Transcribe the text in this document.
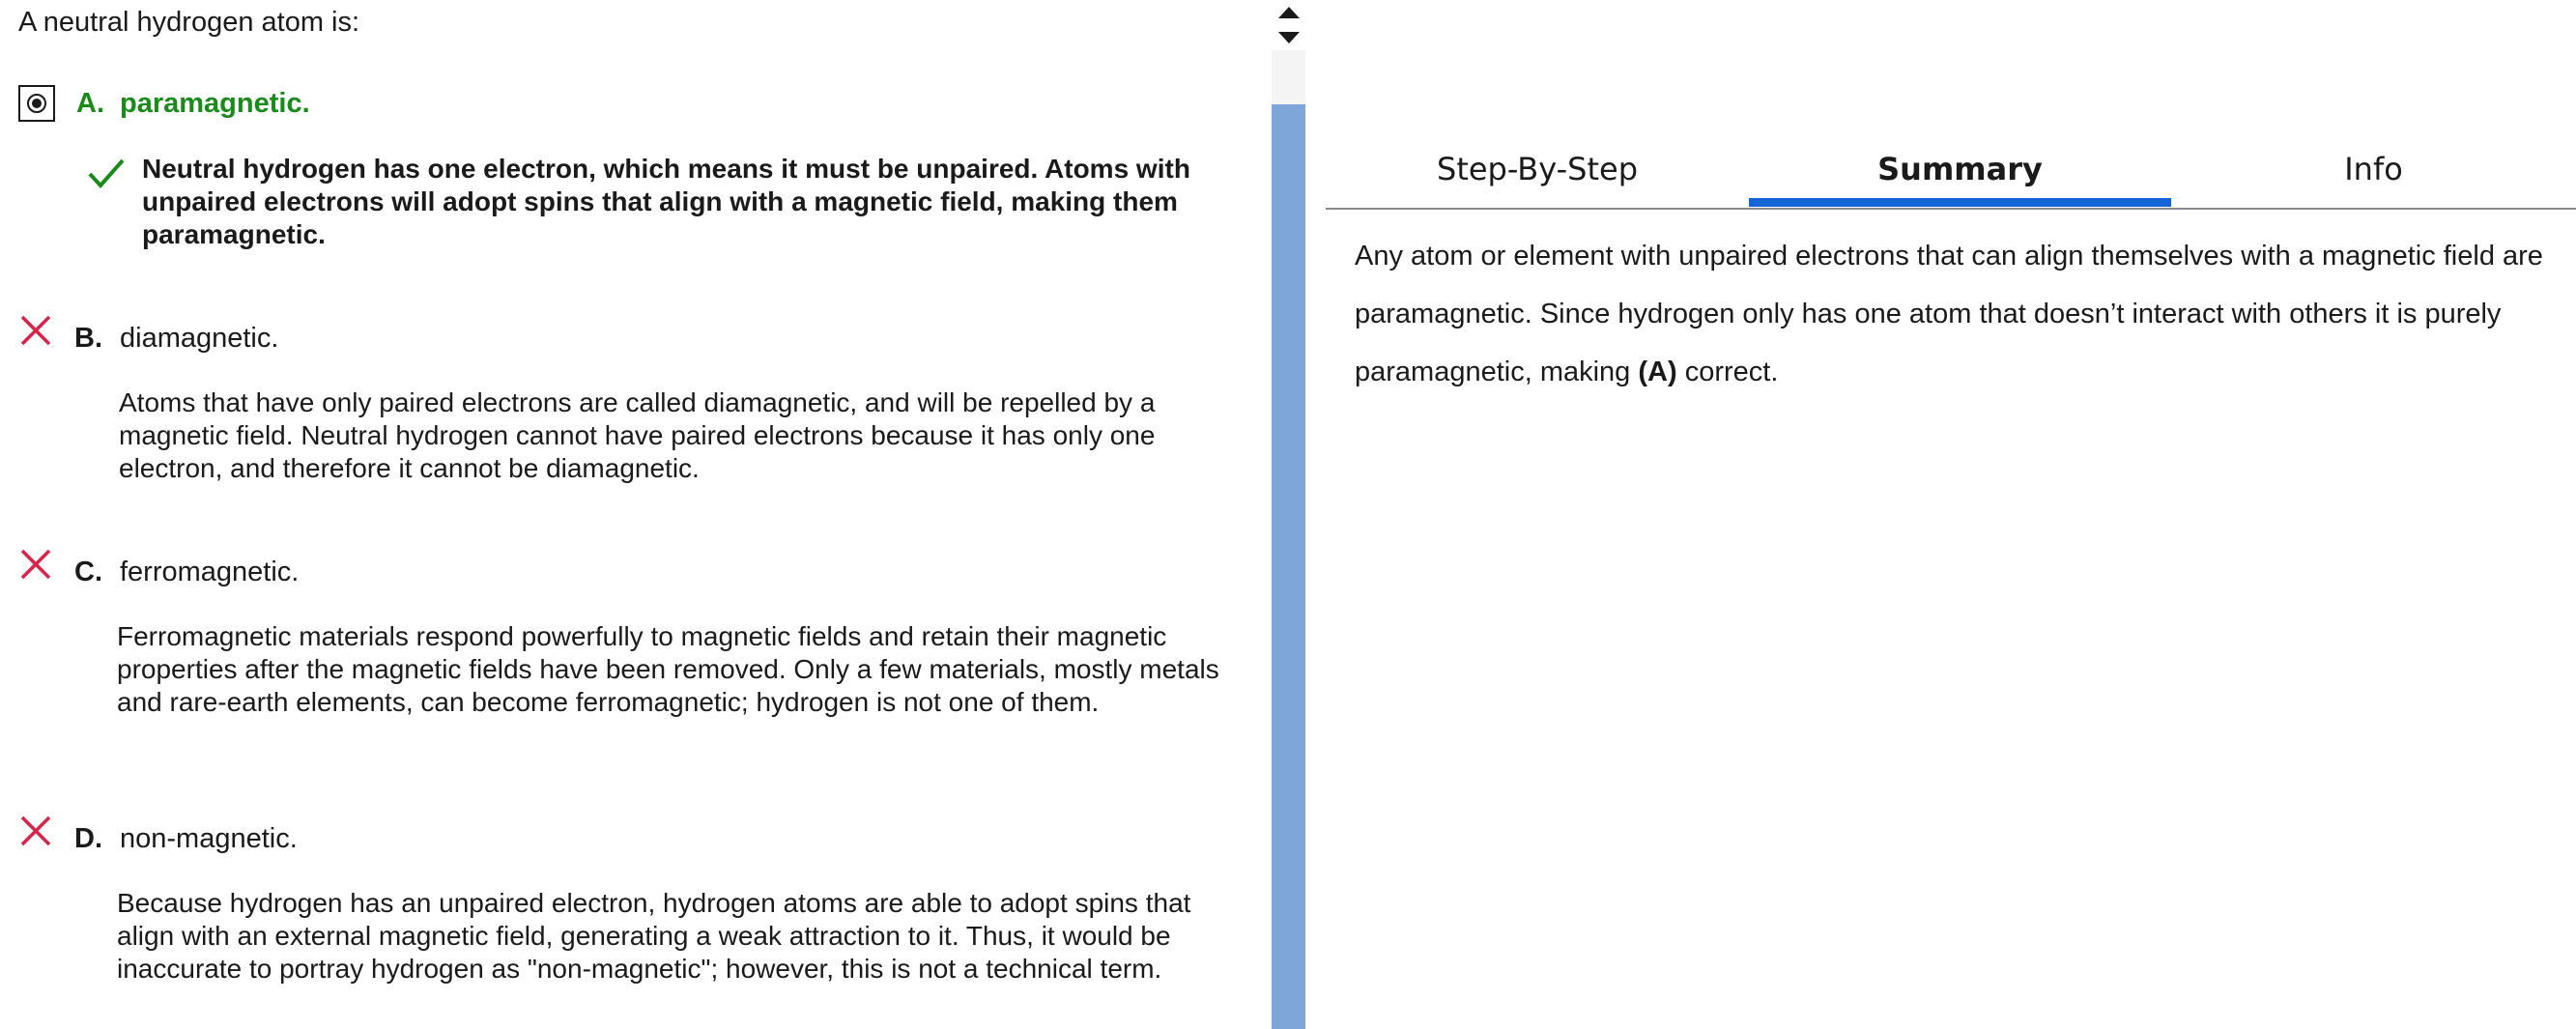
A neutral hydrogen atom is:
A. paramagnetic.
Neutral hydrogen has one electron, which means it must be unpaired. Atoms with unpaired electrons will adopt spins that align with a magnetic field, making them paramagnetic.
B. diamagnetic.
Atoms that have only paired electrons are called diamagnetic, and will be repelled by a magnetic field. Neutral hydrogen cannot have paired electrons because it has only one electron, and therefore it cannot be diamagnetic.
C. ferromagnetic.
Ferromagnetic materials respond powerfully to magnetic fields and retain their magnetic properties after the magnetic fields have been removed. Only a few materials, mostly metals and rare-earth elements, can become ferromagnetic; hydrogen is not one of them.
D. non-magnetic.
Because hydrogen has an unpaired electron, hydrogen atoms are able to adopt spins that align with an external magnetic field, generating a weak attraction to it. Thus, it would be inaccurate to portray hydrogen as "non-magnetic"; however, this is not a technical term.
Step-By-Step	Summary	Info
Any atom or element with unpaired electrons that can align themselves with a magnetic field are paramagnetic. Since hydrogen only has one atom that doesn’t interact with others it is purely paramagnetic, making (A) correct.
